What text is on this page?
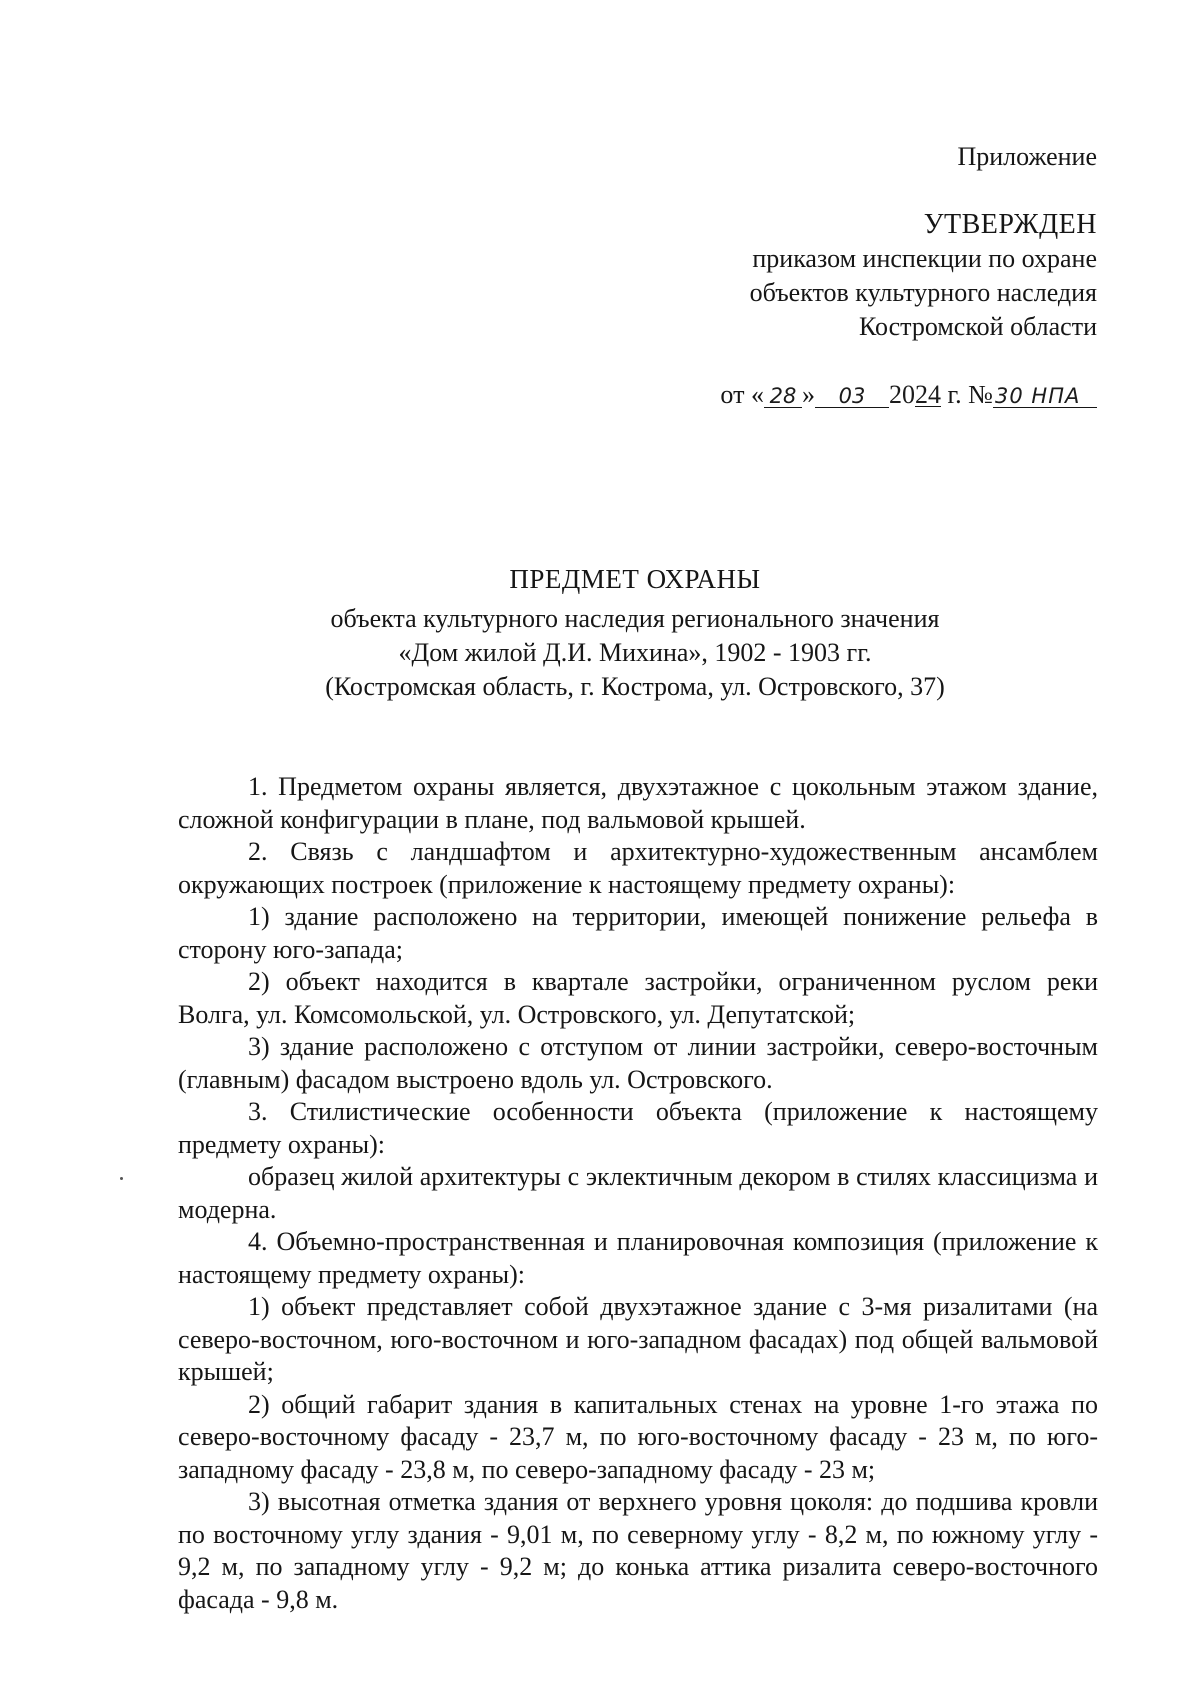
Приложение
УТВЕРЖДЕН
приказом инспекции по охране
объектов культурного наследия
Костромской области
от « 28 » 03 2024 г. №30 НПА
ПРЕДМЕТ ОХРАНЫ
объекта культурного наследия регионального значения
«Дом жилой Д.И. Михина», 1902 - 1903 гг.
(Костромская область, г. Кострома, ул. Островского, 37)

1. Предметом охраны является, двухэтажное с цокольным этажом здание, сложной конфигурации в плане, под вальмовой крышей.

2. Связь с ландшафтом и архитектурно-художественным ансамблем окружающих построек (приложение к настоящему предмету охраны):

1) здание расположено на территории, имеющей понижение рельефа в сторону юго-запада;

2) объект находится в квартале застройки, ограниченном руслом реки Волга, ул. Комсомольской, ул. Островского, ул. Депутатской;

3) здание расположено с отступом от линии застройки, северо-восточным (главным) фасадом выстроено вдоль ул. Островского.

3. Стилистические особенности объекта (приложение к настоящему предмету охраны):

образец жилой архитектуры с эклектичным декором в стилях классицизма и модерна.

4. Объемно-пространственная и планировочная композиция (приложение к настоящему предмету охраны):

1) объект представляет собой двухэтажное здание с 3-мя ризалитами (на северо-восточном, юго-восточном и юго-западном фасадах) под общей вальмовой крышей;

2) общий габарит здания в капитальных стенах на уровне 1-го этажа по северо-восточному фасаду - 23,7 м, по юго-восточному фасаду - 23 м, по юго-западному фасаду - 23,8 м, по северо-западному фасаду - 23 м;

3) высотная отметка здания от верхнего уровня цоколя: до подшива кровли по восточному углу здания - 9,01 м, по северному углу - 8,2 м, по южному углу - 9,2 м, по западному углу - 9,2 м; до конька аттика ризалита северо-восточного фасада - 9,8 м.
